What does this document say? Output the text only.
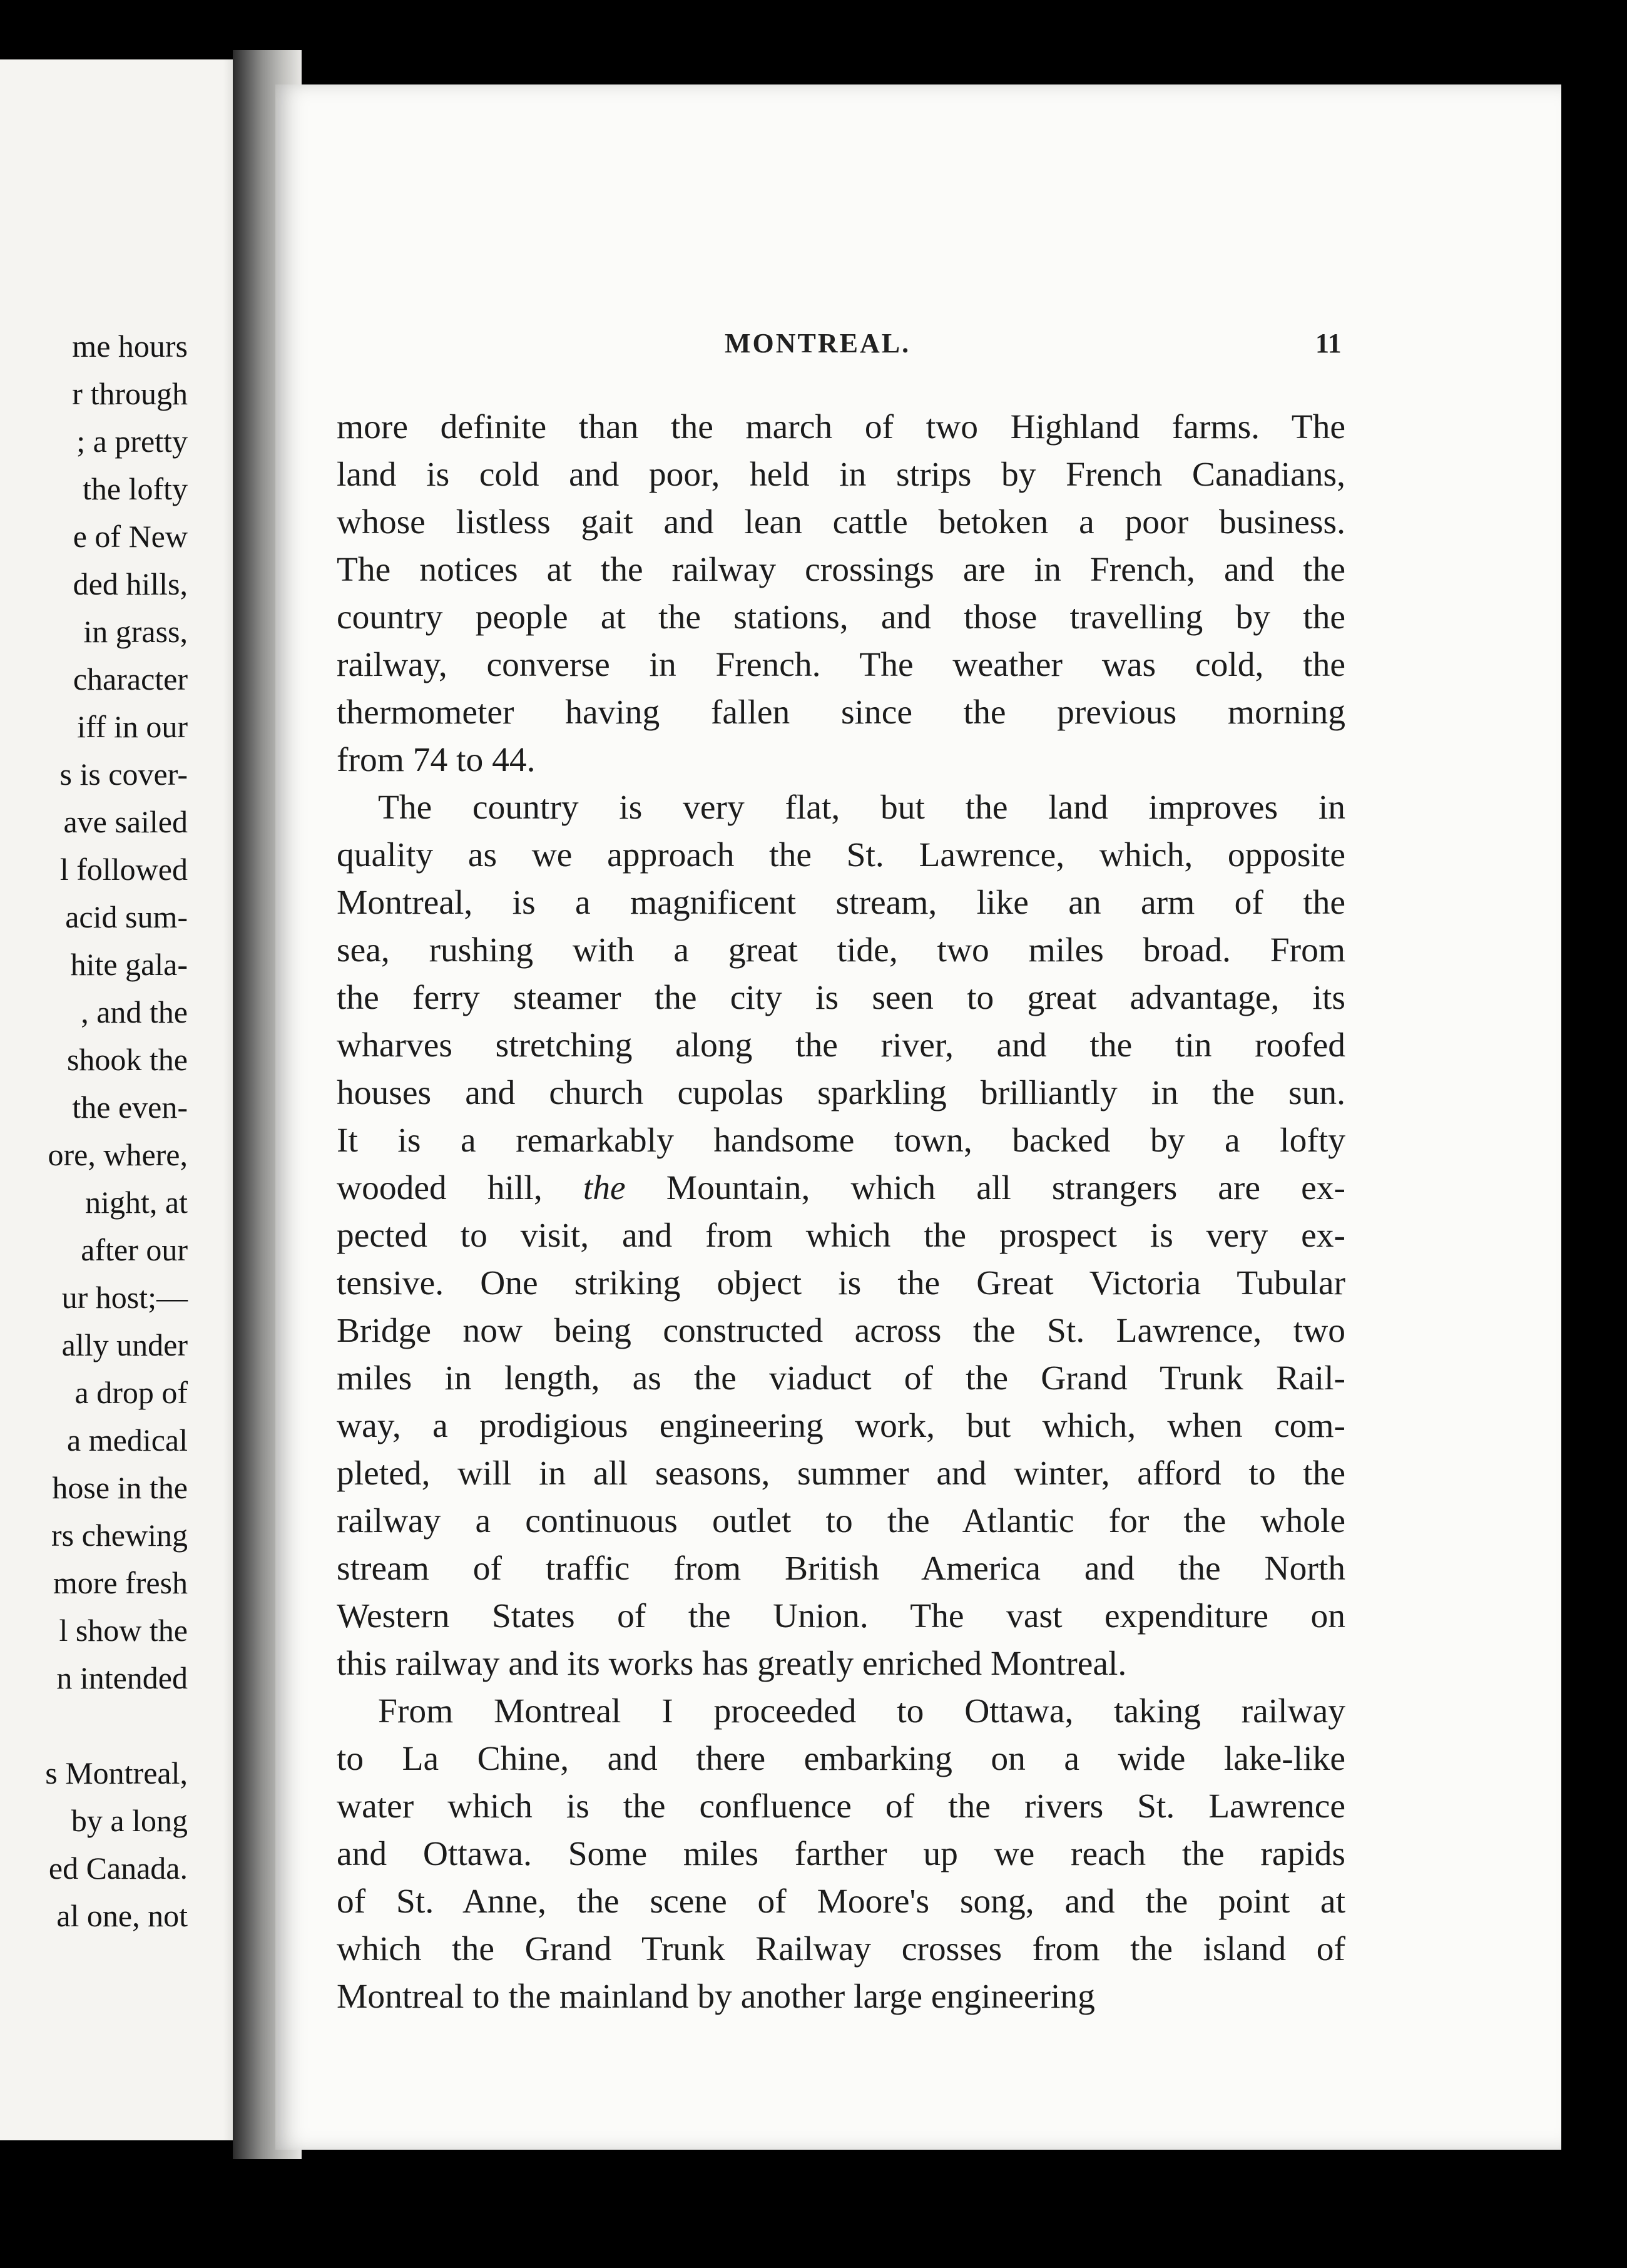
me hours
r through
; a pretty
the lofty
e of New
ded hills,
in grass,
character
iff in our
s is cover-
ave sailed
l followed
acid sum-
hite gala-
, and the
shook the
the even-
ore, where,
night, at
after our
ur host;—
ally under
a drop of
a medical
hose in the
rs chewing
more fresh
l show the
n intended
s Montreal,
by a long
ed Canada.
al one, not
MONTREAL.	11
more definite than the march of two Highland farms. The
land is cold and poor, held in strips by French Canadians,
whose listless gait and lean cattle betoken a poor business.
The notices at the railway crossings are in French, and the
country people at the stations, and those travelling by the
railway, converse in French. The weather was cold, the
thermometer having fallen since the previous morning
from 74 to 44.
The country is very flat, but the land improves in
quality as we approach the St. Lawrence, which, opposite
Montreal, is a magnificent stream, like an arm of the
sea, rushing with a great tide, two miles broad. From
the ferry steamer the city is seen to great advantage, its
wharves stretching along the river, and the tin roofed
houses and church cupolas sparkling brilliantly in the sun.
It is a remarkably handsome town, backed by a lofty
wooded hill, the Mountain, which all strangers are ex-
pected to visit, and from which the prospect is very ex-
tensive. One striking object is the Great Victoria Tubular
Bridge now being constructed across the St. Lawrence, two
miles in length, as the viaduct of the Grand Trunk Rail-
way, a prodigious engineering work, but which, when com-
pleted, will in all seasons, summer and winter, afford to the
railway a continuous outlet to the Atlantic for the whole
stream of traffic from British America and the North
Western States of the Union. The vast expenditure on
this railway and its works has greatly enriched Montreal.
From Montreal I proceeded to Ottawa, taking railway
to La Chine, and there embarking on a wide lake-like
water which is the confluence of the rivers St. Lawrence
and Ottawa. Some miles farther up we reach the rapids
of St. Anne, the scene of Moore's song, and the point at
which the Grand Trunk Railway crosses from the island of
Montreal to the mainland by another large engineering
